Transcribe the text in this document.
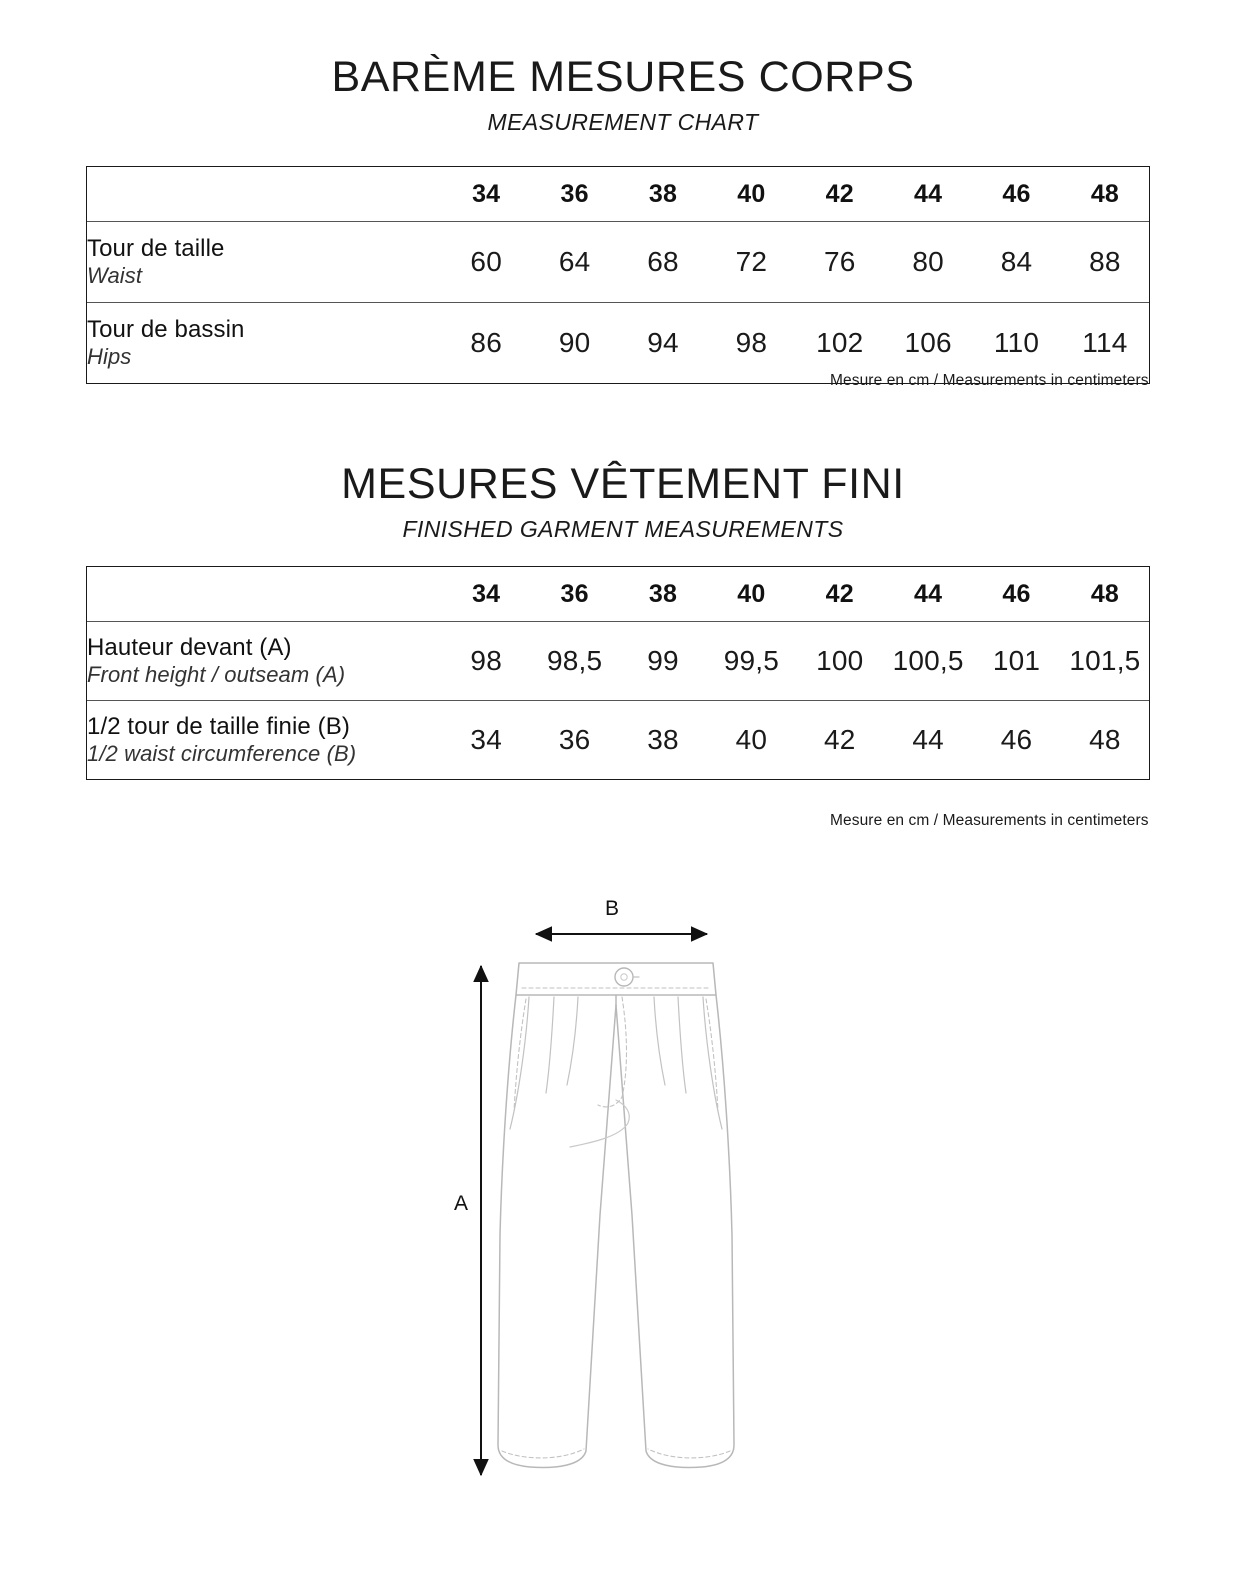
BARÈME MESURES CORPS
MEASUREMENT CHART
	34	36	38	40	42	44	46	48

Tour de taille
Waist	60	64	68	72	76	80	84	88

Tour de bassin
Hips	86	90	94	98	102	106	110	114
Mesure en cm / Measurements in centimeters
MESURES VÊTEMENT FINI
FINISHED GARMENT MEASUREMENTS
	34	36	38	40	42	44	46	48

Hauteur devant (A)
Front height / outseam (A)	98	98,5	99	99,5	100	100,5	101	101,5

1/2 tour de taille finie (B)
1/2 waist circumference (B)	34	36	38	40	42	44	46	48
Mesure en cm / Measurements in centimeters
B
A
